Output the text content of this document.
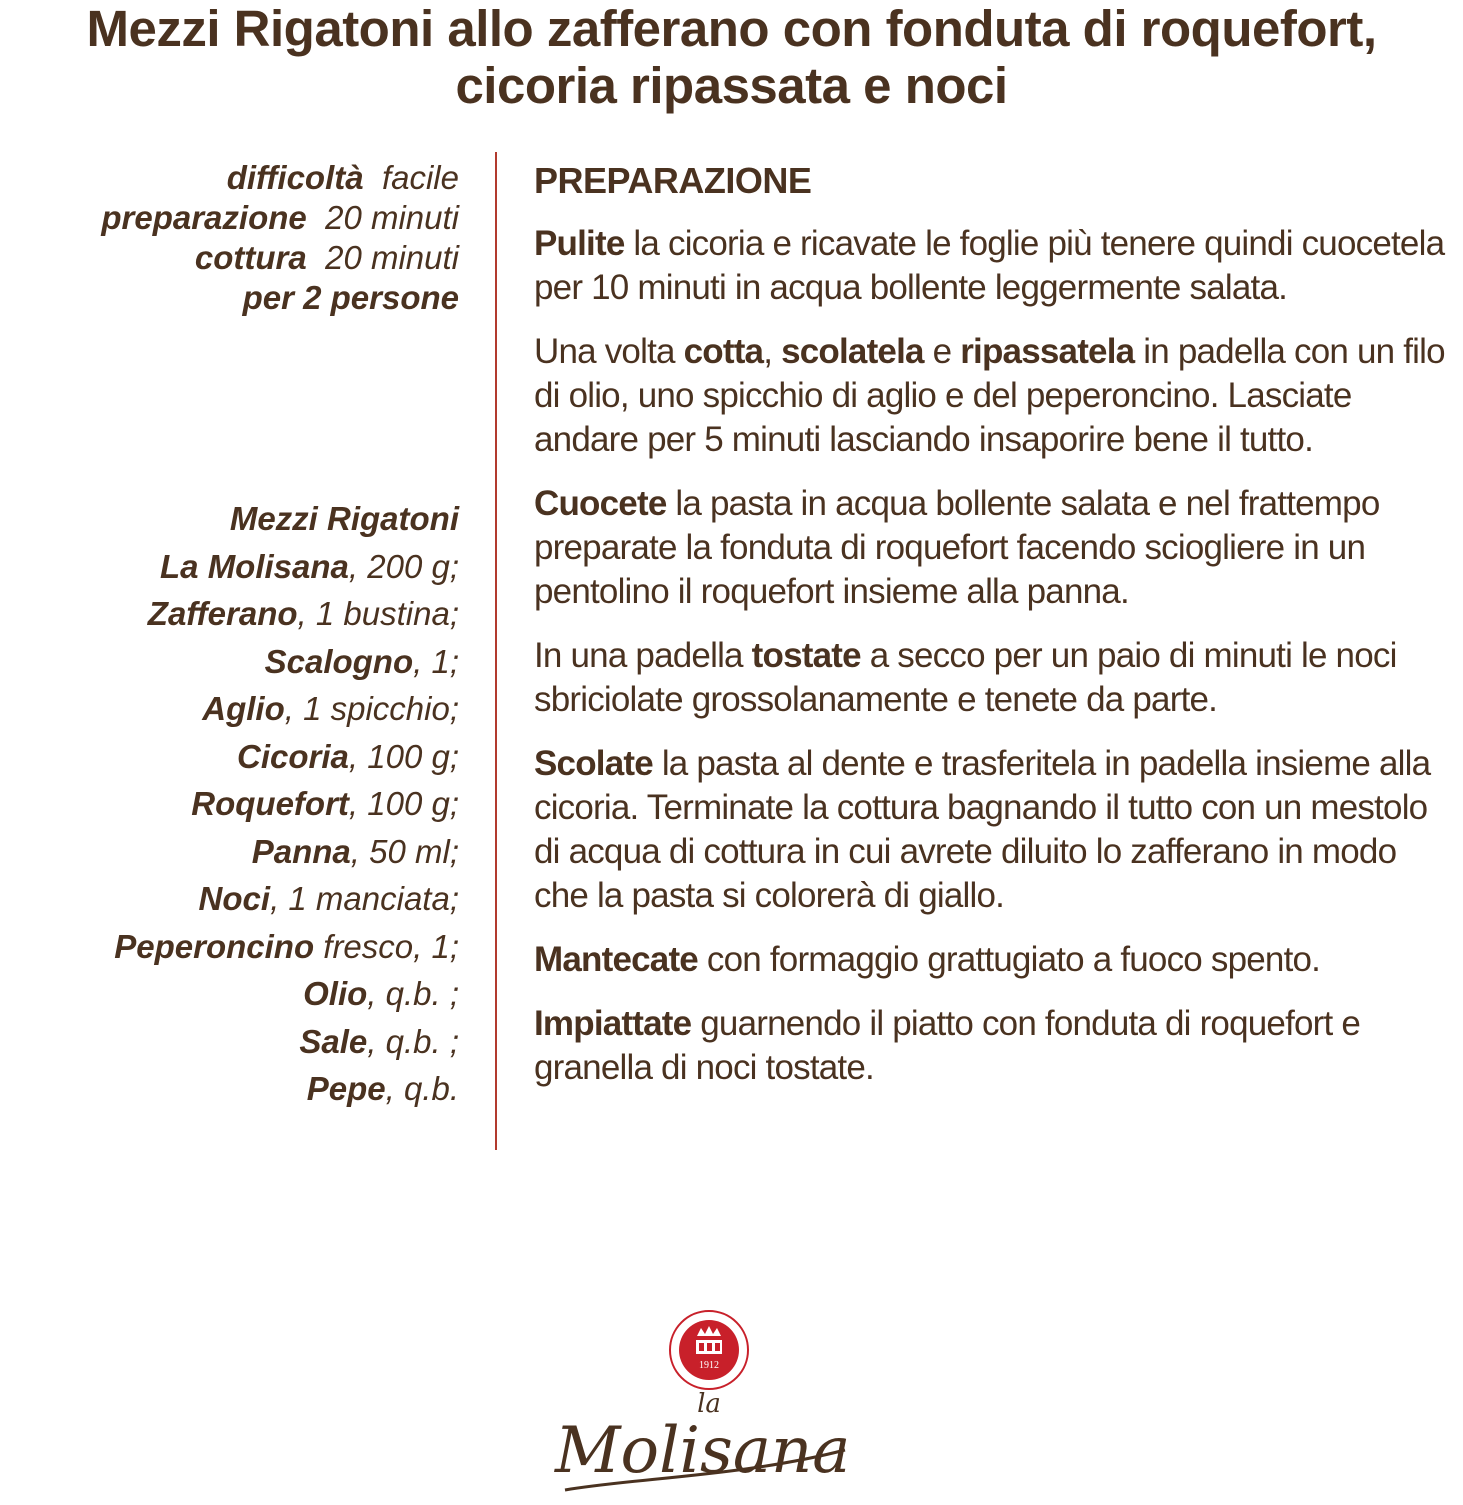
Mezzi Rigatoni allo zafferano con fonduta di roquefort,
cicoria ripassata e noci
difficoltà facile
preparazione 20 minuti
cottura 20 minuti
per 2 persone
Mezzi Rigatoni
La Molisana, 200 g;
Zafferano, 1 bustina;
Scalogno, 1;
Aglio, 1 spicchio;
Cicoria, 100 g;
Roquefort, 100 g;
Panna, 50 ml;
Noci, 1 manciata;
Peperoncino fresco, 1;
Olio, q.b. ;
Sale, q.b. ;
Pepe, q.b.
PREPARAZIONE

Pulite la cicoria e ricavate le foglie più tenere quindi cuocetela per 10 minuti in acqua bollente leggermente salata.

Una volta cotta, scolatela e ripassatela in padella con un filo di olio, uno spicchio di aglio e del peperoncino. Lasciate andare per 5 minuti lasciando insaporire bene il tutto.

Cuocete la pasta in acqua bollente salata e nel frattempo preparate la fonduta di roquefort facendo sciogliere in un pentolino il roquefort insieme alla panna.

In una padella tostate a secco per un paio di minuti le noci sbriciolate grossolanamente e tenete da parte.

Scolate la pasta al dente e trasferitela in padella insieme alla cicoria. Terminate la cottura bagnando il tutto con un mestolo di acqua di cottura in cui avrete diluito lo zafferano in modo che la pasta si colorerà di giallo.

Mantecate con formaggio grattugiato a fuoco spento.

Impiattate guarnendo il piatto con fonduta di roquefort e granella di noci tostate.

1912
la
Molisana
